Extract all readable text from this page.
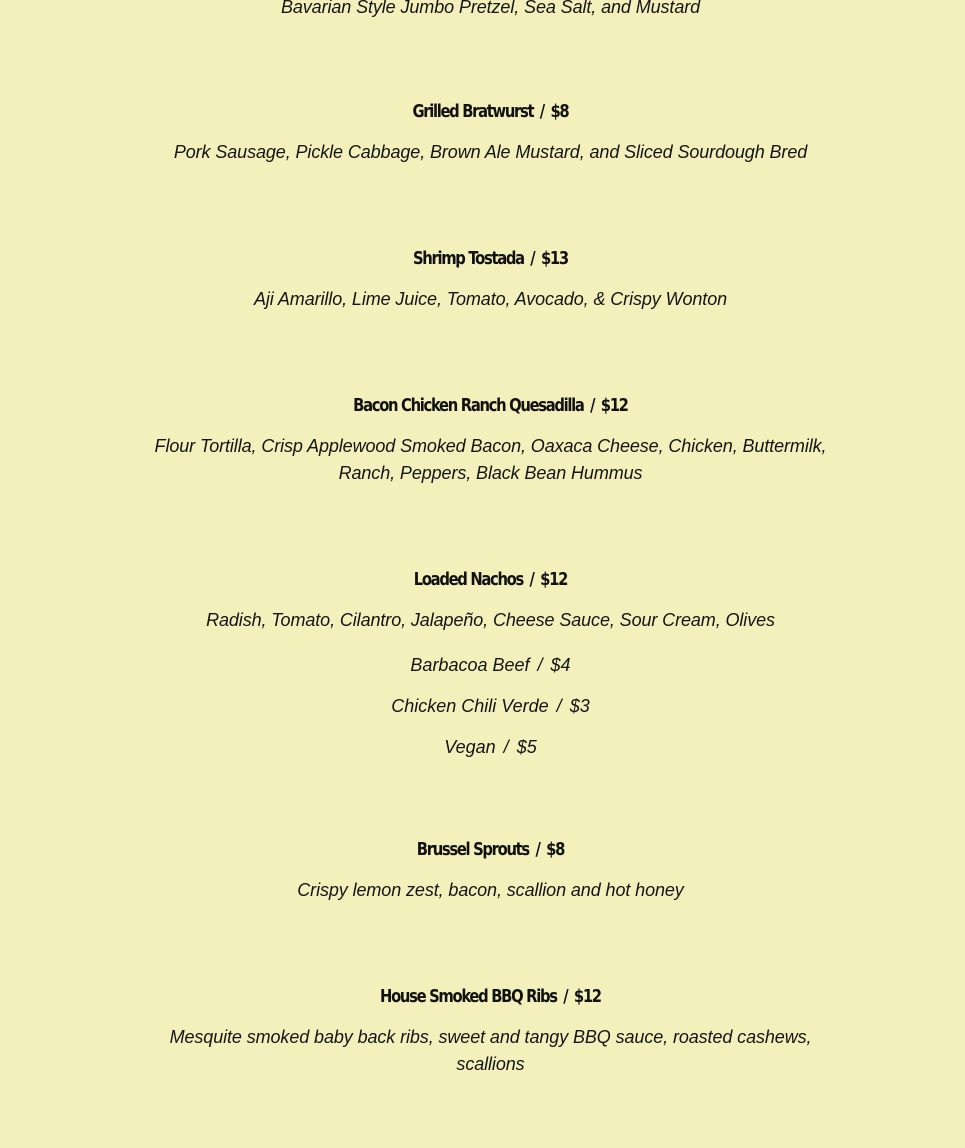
Bavarian Style Jumbo Pretzel, Sea Salt, and Mustard
Grilled Bratwurst / $8
Pork Sausage, Pickle Cabbage, Brown Ale Mustard, and Sliced Sourdough Bred
Shrimp Tostada / $13
Aji Amarillo, Lime Juice, Tomato, Avocado, & Crispy Wonton
Bacon Chicken Ranch Quesadilla / $12
Flour Tortilla, Crisp Applewood Smoked Bacon, Oaxaca Cheese, Chicken, Buttermilk, Ranch, Peppers, Black Bean Hummus
Loaded Nachos / $12
Radish, Tomato, Cilantro, Jalapeño, Cheese Sauce, Sour Cream, Olives
Barbacoa Beef / $4
Chicken Chili Verde / $3
Vegan / $5
Brussel Sprouts / $8
Crispy lemon zest, bacon, scallion and hot honey
House Smoked BBQ Ribs / $12
Mesquite smoked baby back ribs, sweet and tangy BBQ sauce, roasted cashews, scallions
